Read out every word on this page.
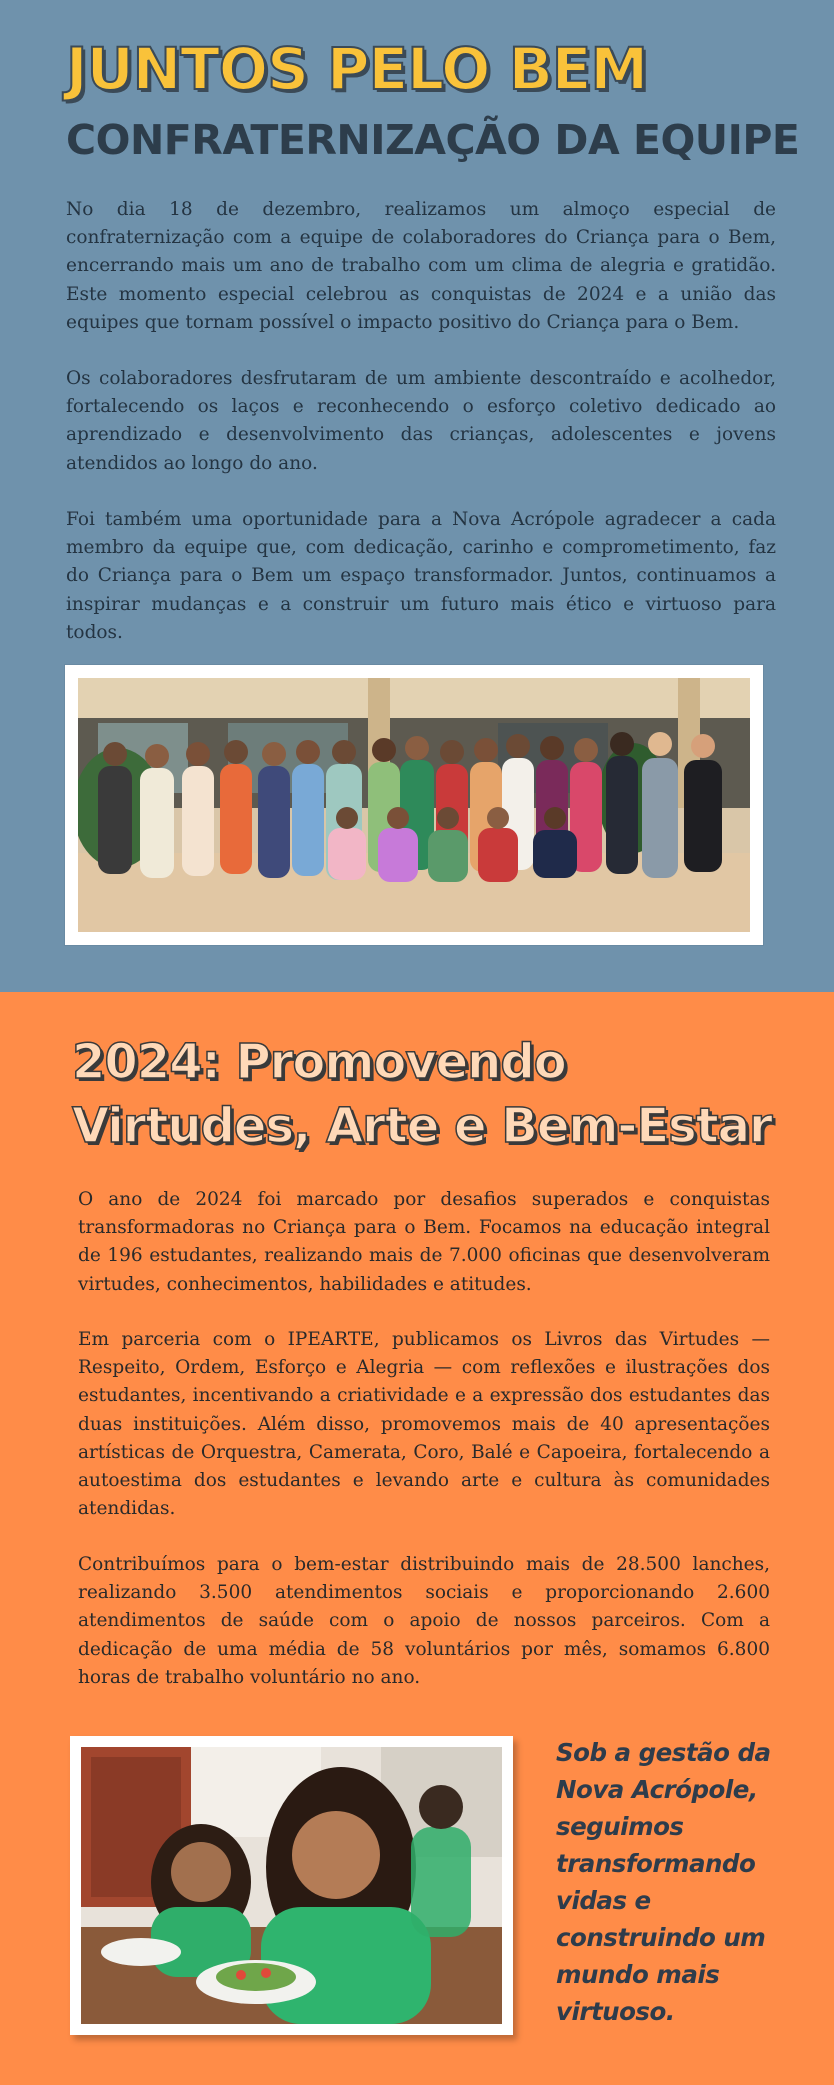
JUNTOS PELO BEM
CONFRATERNIZAÇÃO DA EQUIPE

No dia 18 de dezembro, realizamos um almoço especial de confraternização com a equipe de colaboradores do Criança para o Bem, encerrando mais um ano de trabalho com um clima de alegria e gratidão. Este momento especial celebrou as conquistas de 2024 e a união das equipes que tornam possível o impacto positivo do Criança para o Bem.

Os colaboradores desfrutaram de um ambiente descontraído e acolhedor, fortalecendo os laços e reconhecendo o esforço coletivo dedicado ao aprendizado e desenvolvimento das crianças, adolescentes e jovens atendidos ao longo do ano.

Foi também uma oportunidade para a Nova Acrópole agradecer a cada membro da equipe que, com dedicação, carinho e comprometimento, faz do Criança para o Bem um espaço transformador. Juntos, continuamos a inspirar mudanças e a construir um futuro mais ético e virtuoso para todos.

2024: Promovendo
Virtudes, Arte e Bem-Estar

O ano de 2024 foi marcado por desafios superados e conquistas transformadoras no Criança para o Bem. Focamos na educação integral de 196 estudantes, realizando mais de 7.000 oficinas que desenvolveram virtudes, conhecimentos, habilidades e atitudes.

Em parceria com o IPEARTE, publicamos os Livros das Virtudes — Respeito, Ordem, Esforço e Alegria — com reflexões e ilustrações dos estudantes, incentivando a criatividade e a expressão dos estudantes das duas instituições. Além disso, promovemos mais de 40 apresentações artísticas de Orquestra, Camerata, Coro, Balé e Capoeira, fortalecendo a autoestima dos estudantes e levando arte e cultura às comunidades atendidas.

Contribuímos para o bem-estar distribuindo mais de 28.500 lanches, realizando 3.500 atendimentos sociais e proporcionando 2.600 atendimentos de saúde com o apoio de nossos parceiros. Com a dedicação de uma média de 58 voluntários por mês, somamos 6.800 horas de trabalho voluntário no ano.

Sob a gestão da Nova Acrópole, seguimos transformando vidas e construindo um mundo mais virtuoso.
